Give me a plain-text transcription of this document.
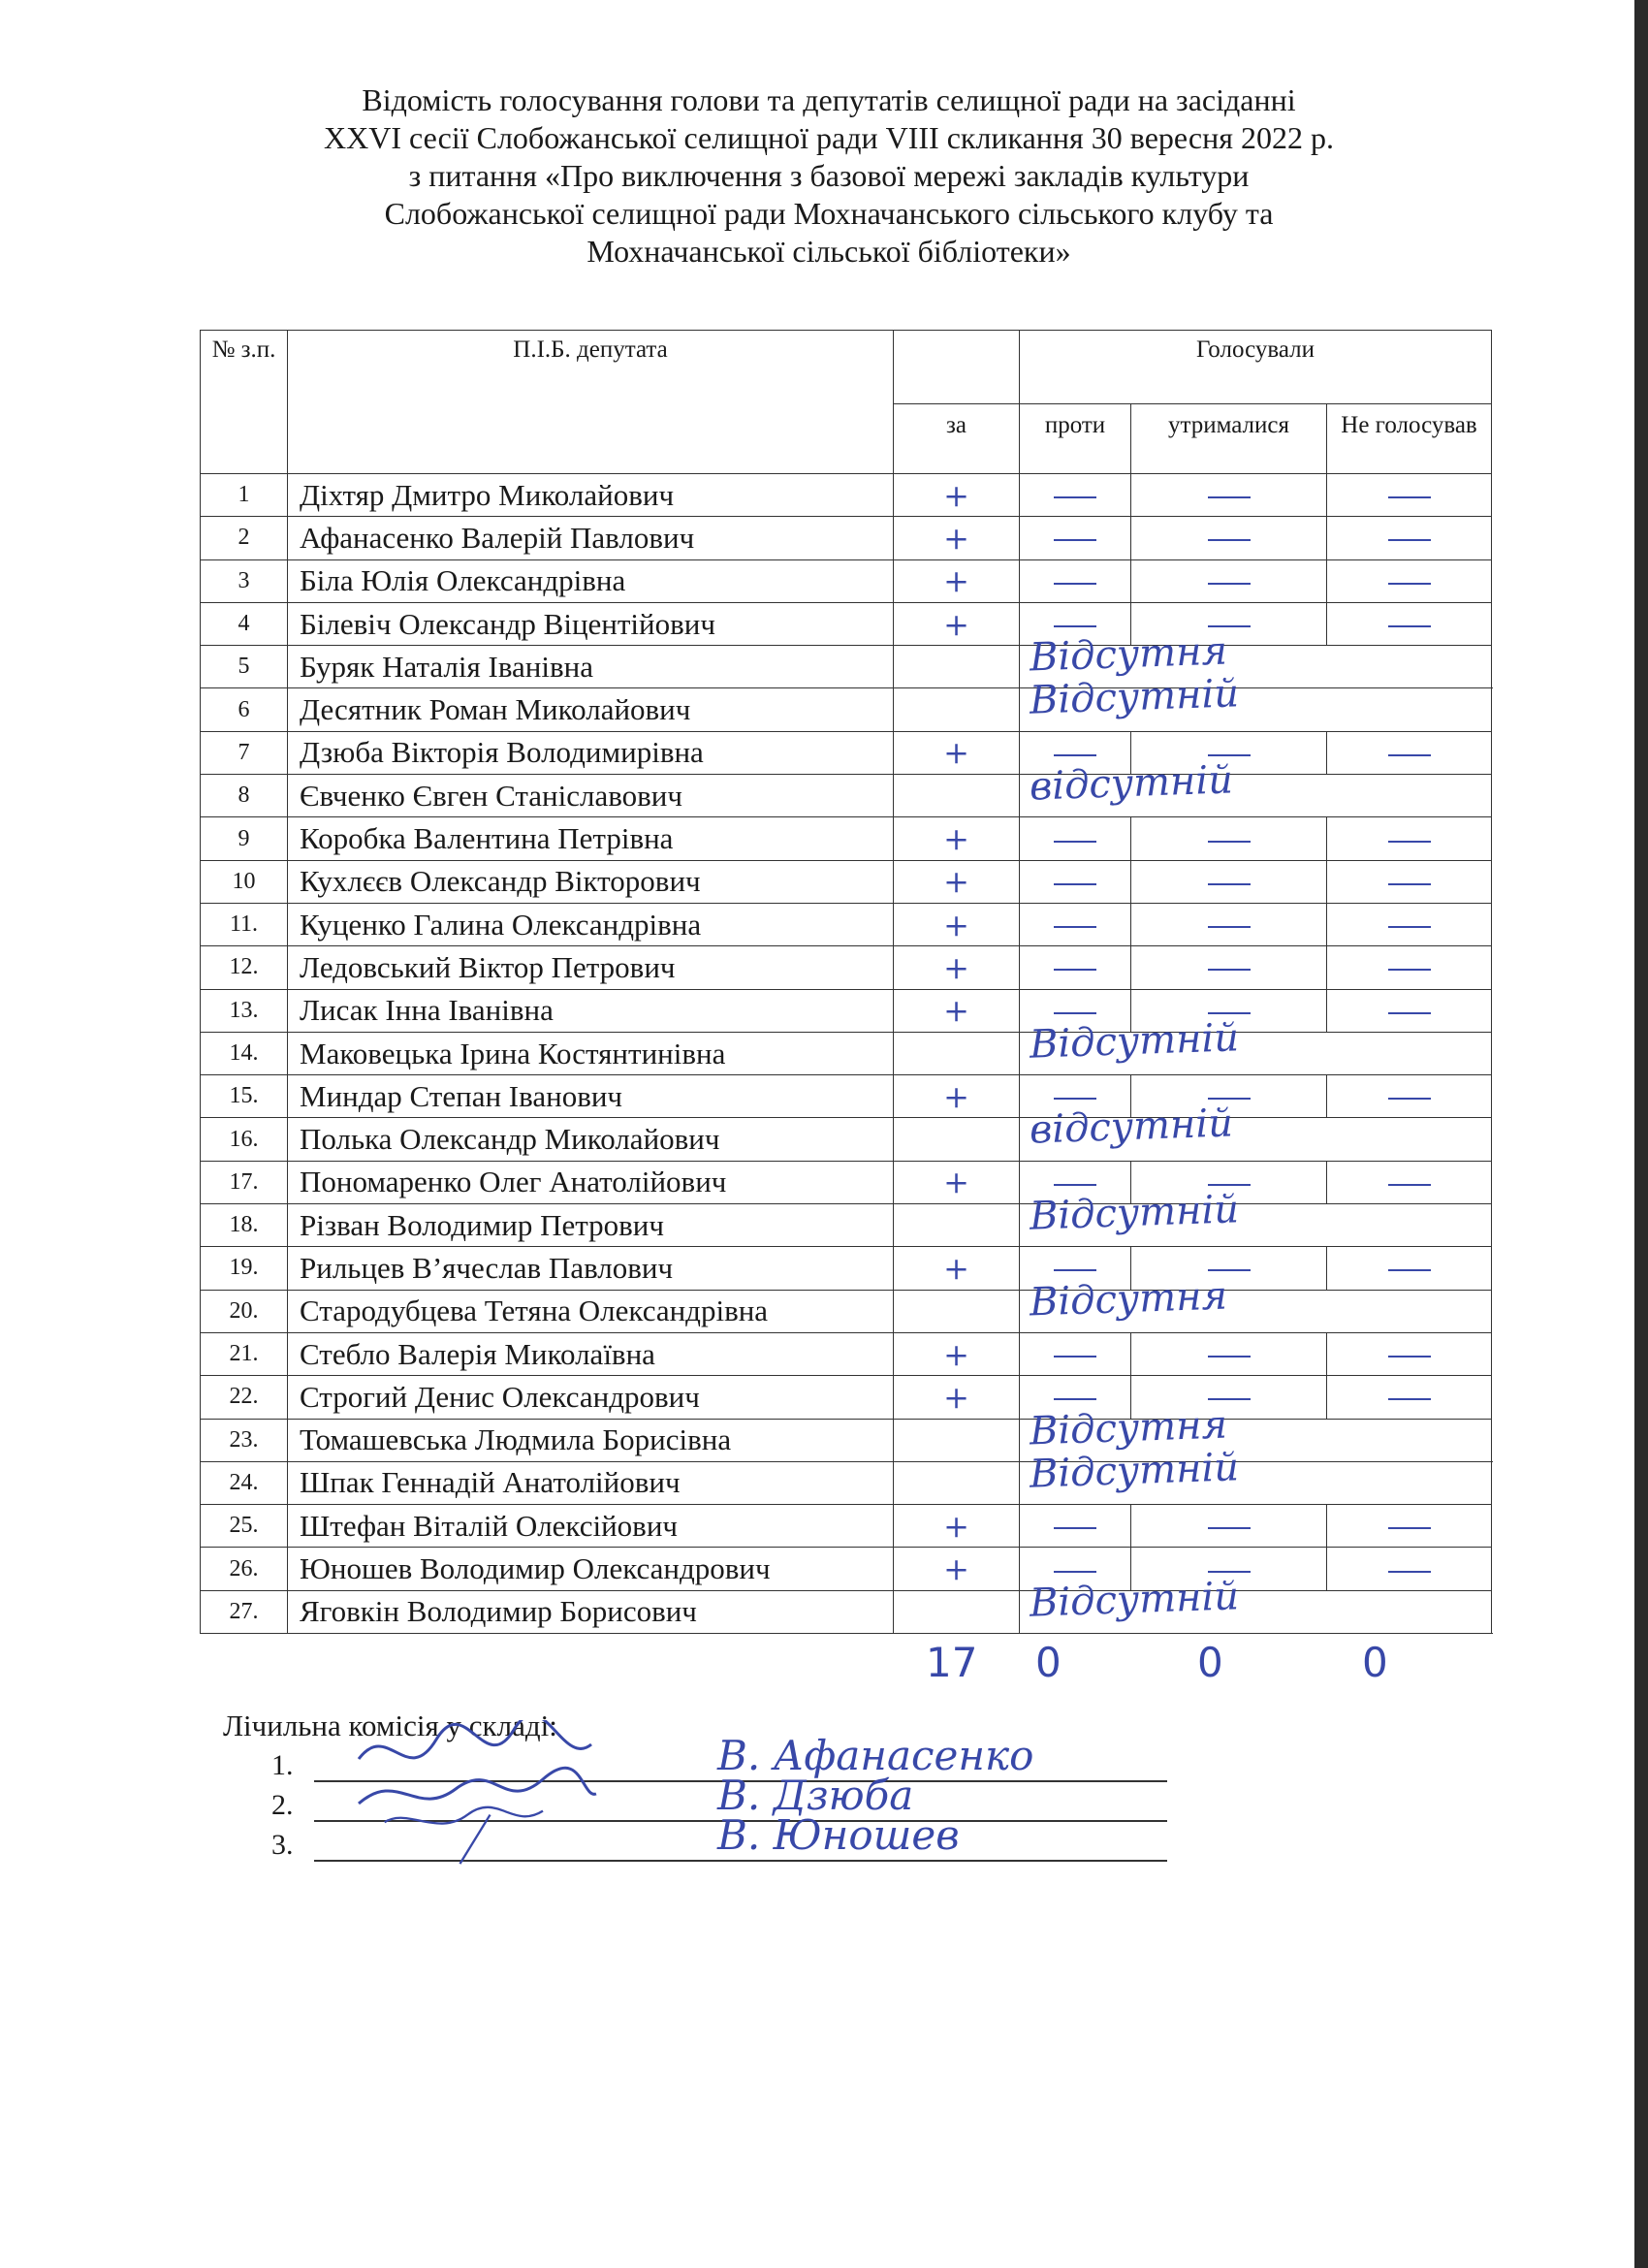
Відомість голосування голови та депутатів селищної ради на засіданні
XXVI сесії Слобожанської селищної ради VIII скликання 30 вересня 2022 р.
з питання «Про виключення з базової мережі закладів культури
Слобожанської селищної ради Мохначанського сільського клубу та
Мохначанської сільської бібліотеки»
№ з.п.	П.І.Б. депутата		Голосували		
		за	проти	утрималися	Не голосував
1	Діхтяр Дмитро Миколайович	+			
2	Афанасенко Валерій Павлович	+			
3	Біла Юлія Олександрівна	+			
4	Білевіч Олександр Віцентійович	+			
5	Буряк Наталія Іванівна		Відсутня		

6	Десятник Роман Миколайович		Відсутній		

7	Дзюба Вікторія Володимирівна	+			
8	Євченко Євген Станіславович		відсутній		

9	Коробка Валентина Петрівна	+			
10	Кухлєєв Олександр Вікторович	+			
11.	Куценко Галина Олександрівна	+			
12.	Ледовський Віктор Петрович	+			
13.	Лисак Інна Іванівна	+			
14.	Маковецька Ірина Костянтинівна		Відсутній		

15.	Миндар Степан Іванович	+			
16.	Полька Олександр Миколайович		відсутній		

17.	Пономаренко Олег Анатолійович	+			
18.	Різван Володимир Петрович		Відсутній		

19.	Рильцев В’ячеслав Павлович	+			
20.	Стародубцева Тетяна Олександрівна		Відсутня		

21.	Стебло Валерія Миколаївна	+			
22.	Строгий Денис Олександрович	+			
23.	Томашевська Людмила Борисівна		Відсутня		

24.	Шпак Геннадій Анатолійович		Відсутній		

25.	Штефан Віталій Олексійович	+			
26.	Юношев Володимир Олександрович	+			
27.	Яговкін Володимир Борисович		Відсутній		
17 0	0	0
Лічильна комісія у складі:
1.	В. Афанасенко
2.	В. Дзюба
3.	В. Юношев
